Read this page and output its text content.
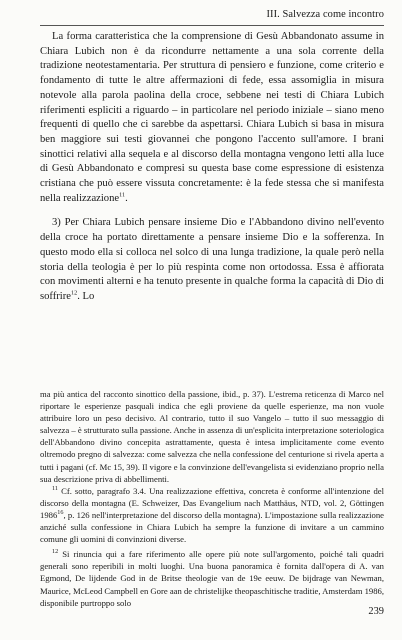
III. Salvezza come incontro

La forma caratteristica che la comprensione di Gesù Abbandonato assume in Chiara Lubich non è da ricondurre nettamente a una sola corrente della tradizione neotestamentaria. Per struttura di pensiero e funzione, come criterio e fondamento di tutte le altre affermazioni di fede, essa assomiglia in misura notevole alla parola paolina della croce, sebbene nei testi di Chiara Lubich riferimenti espliciti a riguardo – in particolare nel periodo iniziale – siano meno frequenti di quello che ci sarebbe da aspettarsi. Chiara Lubich si basa in misura ben maggiore sui testi giovannei che pongono l'accento sull'amore. I brani sinottici relativi alla sequela e al discorso della montagna vengono letti alla luce di Gesù Abbandonato e compresi su questa base come espressione di esistenza cristiana che può essere vissuta concretamente: è la fede stessa che si manifesta nella realizzazione$^{11}$.

3) Per Chiara Lubich pensare insieme Dio e l'Abbandono divino nell'evento della croce ha portato direttamente a pensare insieme Dio e la sofferenza. In questo modo ella si colloca nel solco di una lunga tradizione, la quale però nella storia della teologia è per lo più respinta come non ortodossa. Essa è affiorata con movimenti alterni e ha tenuto presente in qualche forma la capacità di Dio di soffrire$^{12}$. Lo

ma più antica del racconto sinottico della passione, ibid., p. 37). L'estrema reticenza di Marco nel riportare le esperienze pasquali indica che egli proviene da quelle esperienze, ma non vuole attribuire loro un peso decisivo. Al contrario, tutto il suo Vangelo – tutto il suo messaggio di salvezza – è strutturato sulla passione. Anche in assenza di un'esplicita interpretazione soteriologica dell'Abbandono divino concepita astrattamente, questa è intesa implicitamente come evento oltremodo pregno di salvezza: come salvezza che nella confessione del centurione si rivela aperta a tutti i pagani (cf. Mc 15, 39). Il vigore e la convinzione dell'evangelista si evidenziano proprio nella sua descrizione priva di abbellimenti.

$^{11}$ Cf. sotto, paragrafo 3.4. Una realizzazione effettiva, concreta è conforme all'intenzione del discorso della montagna (E. Schweizer, Das Evangelium nach Matthäus, NTD, vol. 2, Göttingen 1986$^{16}$, p. 126 nell'interpretazione del discorso della montagna). L'impostazione sulla realizzazione anziché sulla confessione in Chiara Lubich ha sempre la funzione di invitare a un cammino comune gli uomini di convinzioni diverse.

$^{12}$ Si rinuncia qui a fare riferimento alle opere più note sull'argomento, poiché tali quadri generali sono reperibili in molti luoghi. Una buona panoramica è fornita dall'opera di A. van Egmond, De lijdende God in de Britse theologie van de 19e eeuw. De bijdrage van Newman, Maurice, McLeod Campbell en Gore aan de christelijke theopaschitische traditie, Amsterdam 1986, disponibile purtroppo solo

239
